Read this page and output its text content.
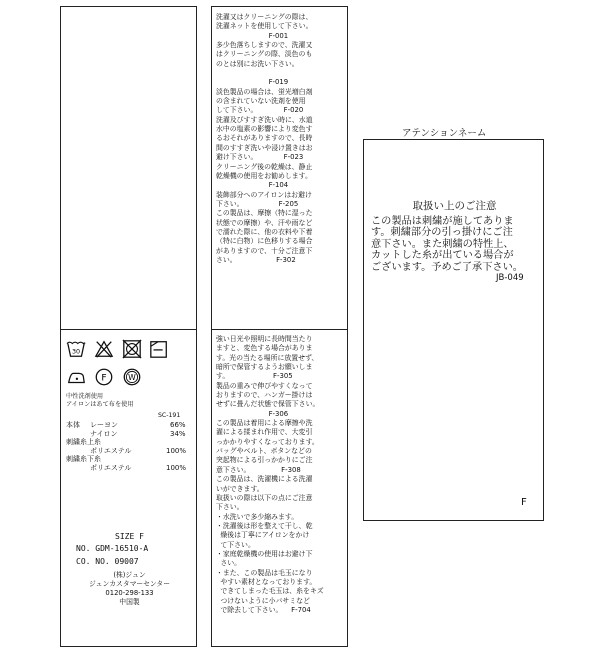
30
F	W
中性洗剤使用
アイロンはあて布を使用
SC-191
本体 レーヨン	66%
ナイロン	34%
刺繍糸上糸
ポリエステル	100%
刺繍糸下糸
ポリエステル	100%
SIZE F
NO. GDM-16510-A
CO. NO. 09007
(株)ジュン
ジュンカスタマーセンター
0120-298-133
中国製
洗濯又はクリーニングの際は、
洗濯ネットを使用して下さい。
F-001
多少色落ちしますので、洗濯又
はクリーニングの際、淡色のも
のとは別にお洗い下さい。

F-019
淡色製品の場合は、蛍光増白剤
の含まれていない洗剤を使用
して下さい。            F-020
洗濯及びすすぎ洗い時に、水道
水中の塩素の影響により変色す
るおそれがありますので、長時
間のすすぎ洗いや浸け置きはお
避け下さい。            F-023
クリーニング後の乾燥は、静止
乾燥機の使用をお勧めします。
F-104
装飾部分へのアイロンはお避け
下さい。                F-205
この製品は、摩擦（特に湿った
状態での摩擦）や、汗や雨など
で濡れた際に、他の衣料や下着
（特に白物）に色移りする場合
がありますので、十分ご注意下
さい。                  F-302
強い日光や照明に長時間当たり
ますと、変色する場合がありま
す。光の当たる場所に放置せず、
暗所で保管するようお願いしま
す。                    F-305
製品の重みで伸びやすくなって
おりますので、ハンガー掛けは
せずに畳んだ状態で保管下さい。
F-306
この製品は着用による摩擦や洗
濯による揉まれ作用で、大変引
っかかりやすくなっております。
バッグやベルト、ボタンなどの
突起物による引っかかりにご注
意下さい。              F-308
この製品は、洗濯機による洗濯
いができます。
取扱いの際は以下の点にご注意
下さい。
・水洗いで多少縮みます。
・洗濯後は形を整えて干し、乾
燥後は丁寧にアイロンをかけ
て下さい。
・家庭乾燥機の使用はお避け下
さい。
・また、この製品は毛玉になり
やすい素材となっております。
できてしまった毛玉は、糸をキズ
つけないように小バサミなど
で除去して下さい。    F-704
アテンションネーム
取扱い上のご注意
この製品は刺繍が施してありま
す。刺繍部分の引っ掛けにご注
意下さい。また刺繍の特性上、
カットした糸が出ている場合が
ございます。予めご了承下さい。
JB-049
F
